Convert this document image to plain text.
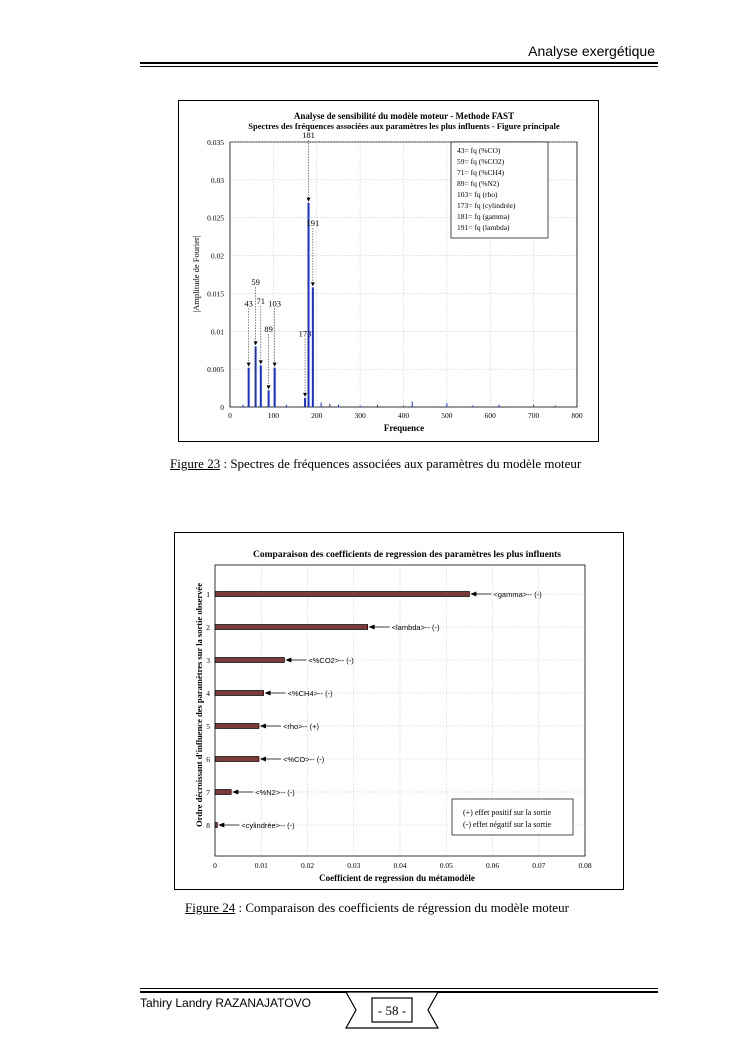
Analyse exergétique
Analyse de sensibilité du modèle moteur - Methode FAST
Spectres des fréquences associées aux paramètres les plus influents - Figure principale
0
0.005
0.01
0.015
0.02
0.025
0.03
0.035
0	100	200	300	400	500	600	700	800
43
59
71
89
103
173
181
191
43= fq (%CO)
59= fq (%CO2)
71= fq (%CH4)
89= fq (%N2)
103= fq (rho)
173= fq (cylindrée)
181= fq (gamma)
191= fq (lambda)
Frequence
|Amplitude de Fourier|
Figure 23 : Spectres de fréquences associées aux paramètres du modèle moteur
Comparaison des coefficients de regression des paramètres les plus influents
1
2
3
4
5
6
7
8
0	0.01	0.02	0.03	0.04	0.05	0.06	0.07	0.08
<gamma>-- (-)
<lambda>-- (-)
<%CO2>-- (-)
<%CH4>-- (-)
<rho>-- (+)
<%CO>-- (-)
<%N2>-- (-)
<cylindrée>-- (-)
(+) effet positif sur la sortie
(-) effet négatif sur la sortie
Coefficient de regression du métamodèle
Ordre décroissant d'influence des paramètres sur la sortie observée
Figure 24 : Comparaison des coefficients de régression du modèle moteur
Tahiry Landry RAZANAJATOVO	- 58 -
